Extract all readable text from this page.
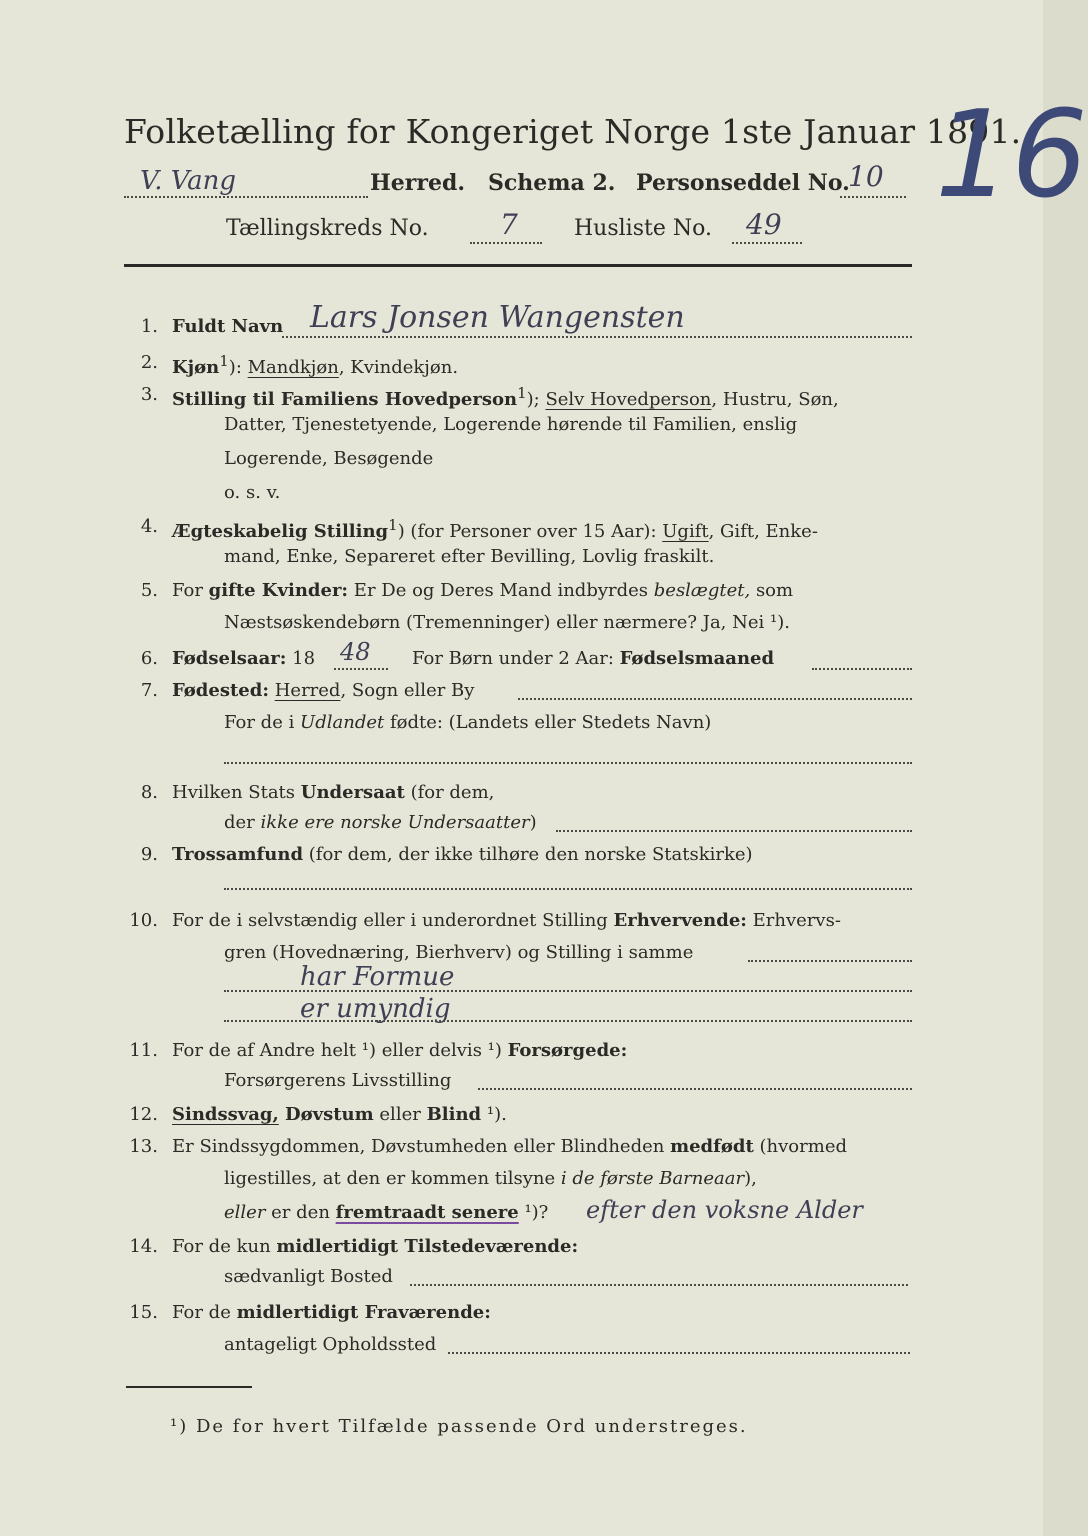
Folketælling for Kongeriget Norge 1ste Januar 1891.
16
V. Vang	Herred. Schema 2. Personseddel No.
10
Tællingskreds No.	7	Husliste No. 49
1. Fuldt Navn Lars Jonsen Wangensten
2. Kjøn$^1$): Mandkjøn, Kvindekjøn.
3. Stilling til Familiens Hovedperson$^1$); Selv Hovedperson, Hustru, Søn,
Datter, Tjenestetyende, Logerende hørende til Familien, enslig
Logerende, Besøgende
o. s. v.
4. Ægteskabelig Stilling$^1$) (for Personer over 15 Aar): Ugift, Gift, Enke-
mand, Enke, Separeret efter Bevilling, Lovlig fraskilt.
5. For gifte Kvinder: Er De og Deres Mand indbyrdes beslægtet, som
Næstsøskendebørn (Tremenninger) eller nærmere? Ja, Nei ¹).
6. Fødselsaar: 18 48 For Børn under 2 Aar: Fødselsmaaned
7. Fødested: Herred, Sogn eller By
For de i Udlandet fødte: (Landets eller Stedets Navn)
8. Hvilken Stats Undersaat (for dem,
der ikke ere norske Undersaatter)
9. Trossamfund (for dem, der ikke tilhøre den norske Statskirke)
10. For de i selvstændig eller i underordnet Stilling Erhvervende: Erhvervs-
gren (Hovednæring, Bierhverv) og Stilling i samme
har Formue
er umyndig
11. For de af Andre helt ¹) eller delvis ¹) Forsørgede:
Forsørgerens Livsstilling
12. Sindssvag, Døvstum eller Blind ¹).
13. Er Sindssygdommen, Døvstumheden eller Blindheden medfødt (hvormed
ligestilles, at den er kommen tilsyne i de første Barneaar),
eller er den fremtraadt senere ¹)? efter den voksne Alder
14. For de kun midlertidigt Tilstedeværende:
sædvanligt Bosted
15. For de midlertidigt Fraværende:
antageligt Opholdssted
¹) De for hvert Tilfælde passende Ord understreges.
